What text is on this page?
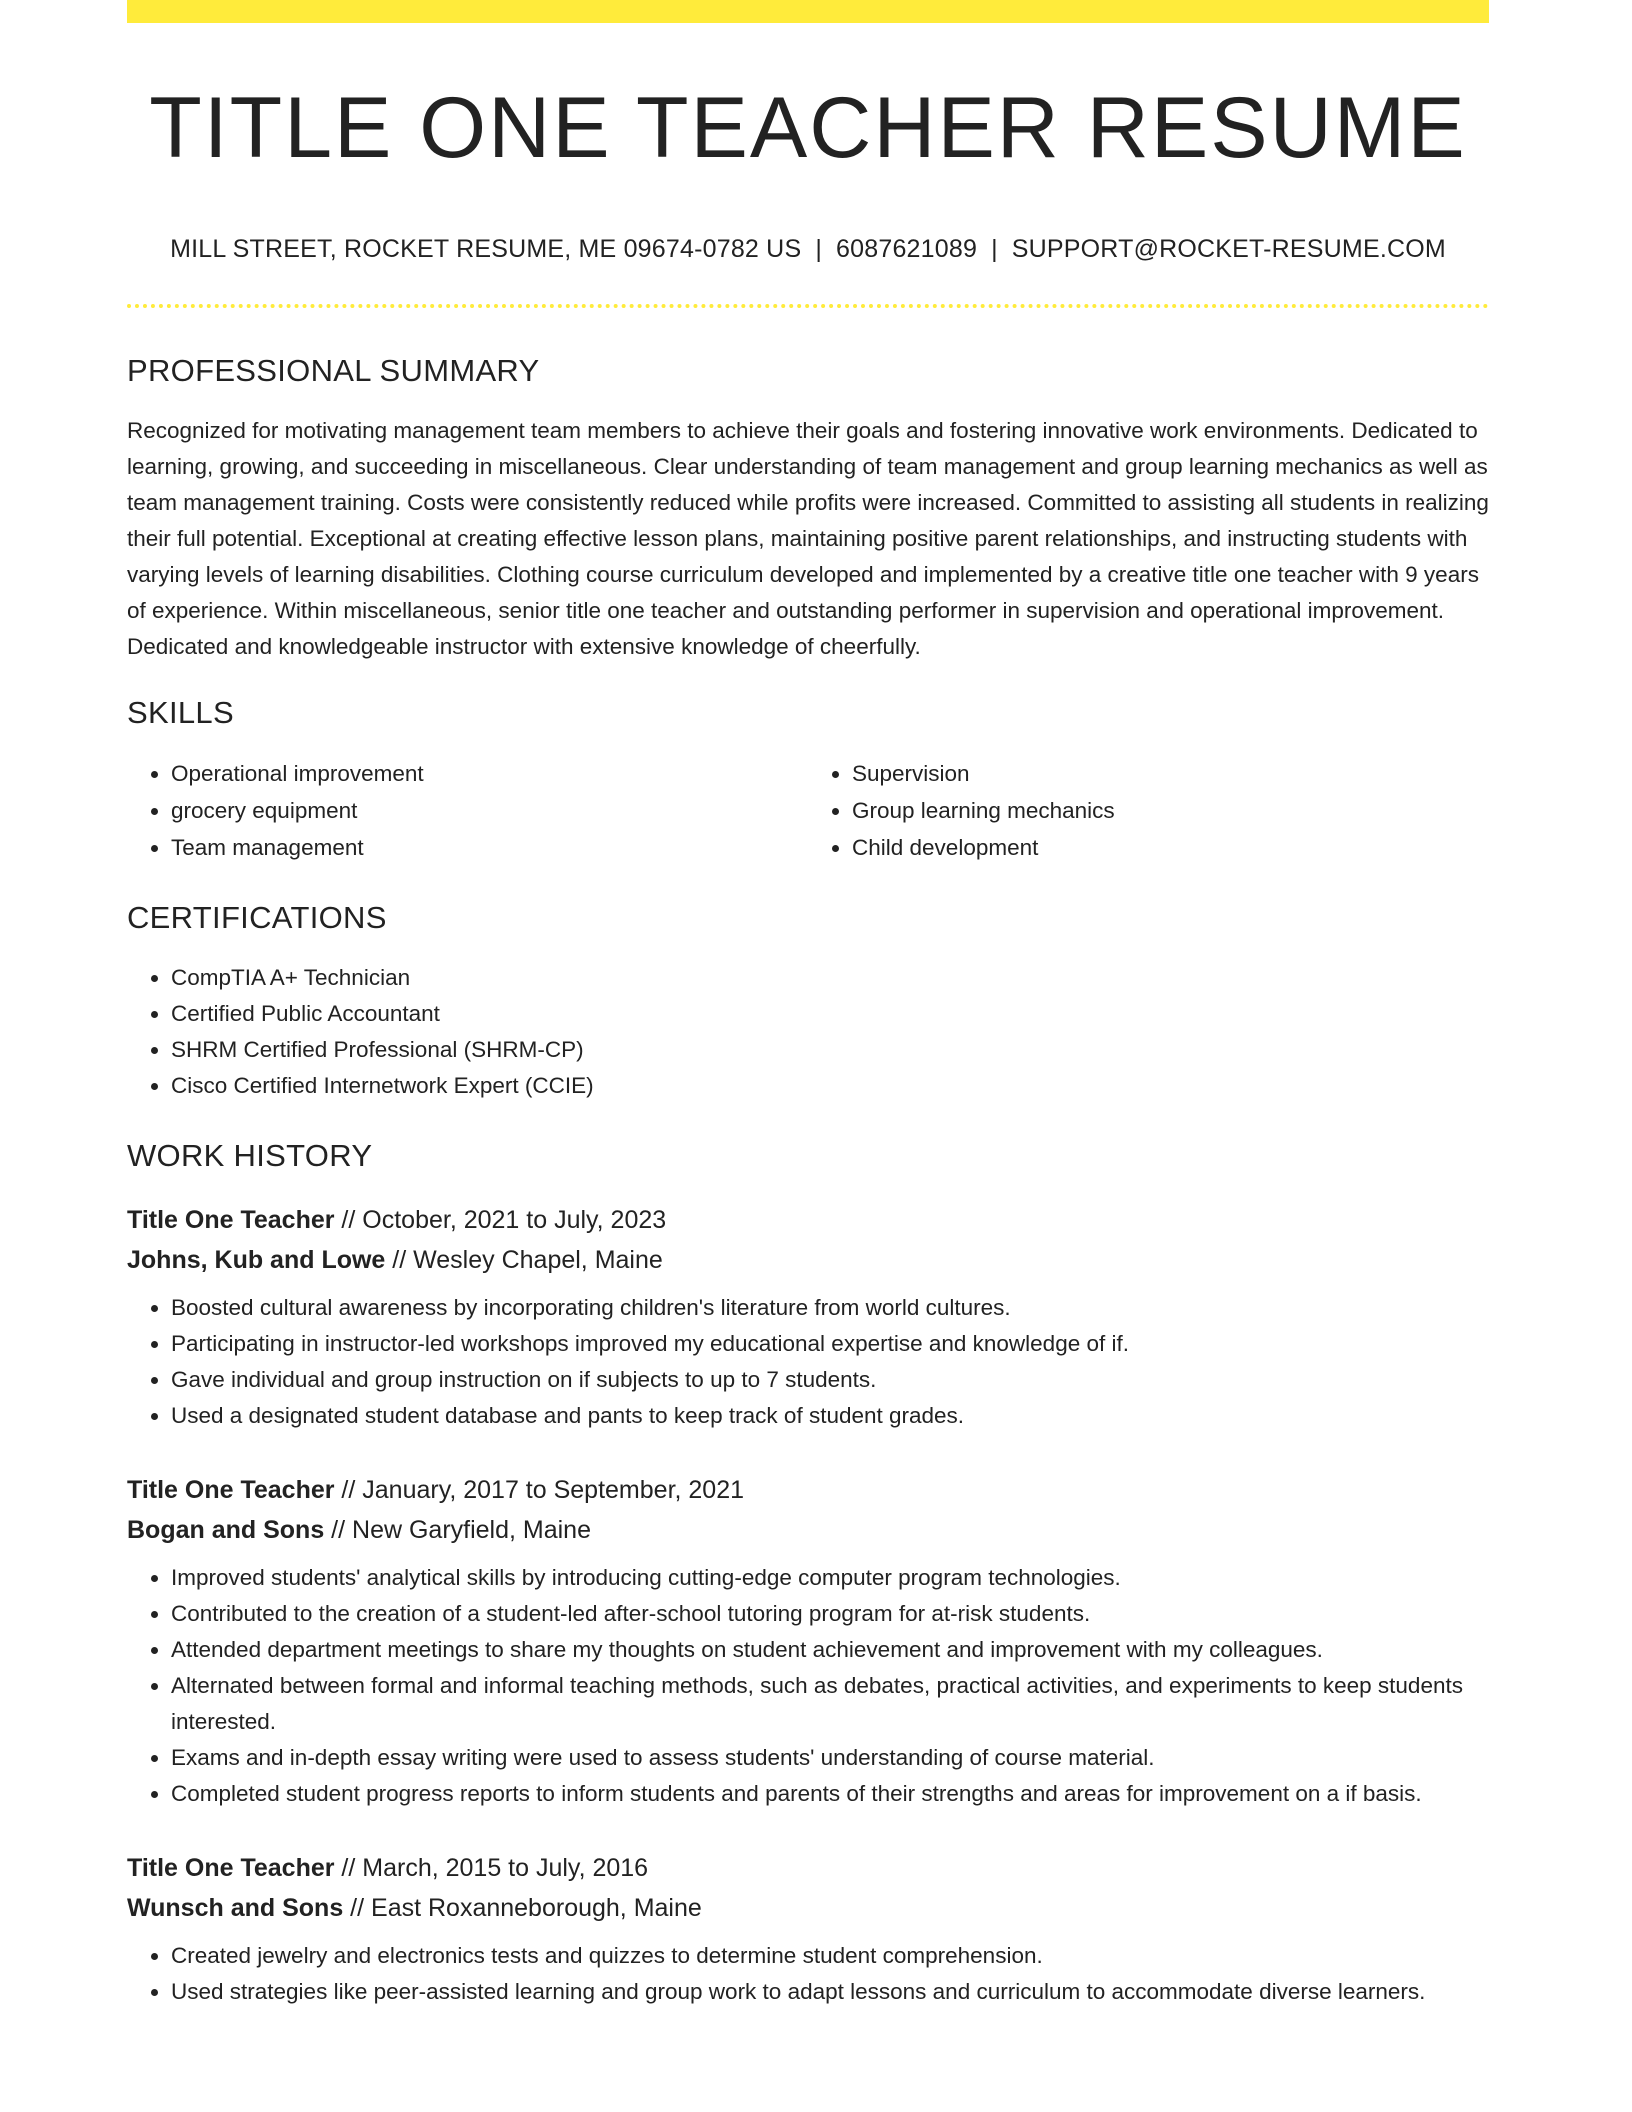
TITLE ONE TEACHER RESUME
MILL STREET, ROCKET RESUME, ME 09674-0782 US | 6087621089 | SUPPORT@ROCKET-RESUME.COM
PROFESSIONAL SUMMARY

Recognized for motivating management team members to achieve their goals and fostering innovative work environments. Dedicated to learning, growing, and succeeding in miscellaneous. Clear understanding of team management and group learning mechanics as well as team management training. Costs were consistently reduced while profits were increased. Committed to assisting all students in realizing their full potential. Exceptional at creating effective lesson plans, maintaining positive parent relationships, and instructing students with varying levels of learning disabilities. Clothing course curriculum developed and implemented by a creative title one teacher with 9 years of experience. Within miscellaneous, senior title one teacher and outstanding performer in supervision and operational improvement. Dedicated and knowledgeable instructor with extensive knowledge of cheerfully.

SKILLS
• Operational improvement
• grocery equipment
• Team management
• Supervision
• Group learning mechanics
• Child development
CERTIFICATIONS
• CompTIA A+ Technician
• Certified Public Accountant
• SHRM Certified Professional (SHRM-CP)
• Cisco Certified Internetwork Expert (CCIE)
WORK HISTORY
Title One Teacher // October, 2021 to July, 2023
Johns, Kub and Lowe // Wesley Chapel, Maine
• Boosted cultural awareness by incorporating children's literature from world cultures.
• Participating in instructor-led workshops improved my educational expertise and knowledge of if.
• Gave individual and group instruction on if subjects to up to 7 students.
• Used a designated student database and pants to keep track of student grades.
Title One Teacher // January, 2017 to September, 2021
Bogan and Sons // New Garyfield, Maine
• Improved students' analytical skills by introducing cutting-edge computer program technologies.
• Contributed to the creation of a student-led after-school tutoring program for at-risk students.
• Attended department meetings to share my thoughts on student achievement and improvement with my colleagues.
• Alternated between formal and informal teaching methods, such as debates, practical activities, and experiments to keep students interested.
• Exams and in-depth essay writing were used to assess students' understanding of course material.
• Completed student progress reports to inform students and parents of their strengths and areas for improvement on a if basis.
Title One Teacher // March, 2015 to July, 2016
Wunsch and Sons // East Roxanneborough, Maine
• Created jewelry and electronics tests and quizzes to determine student comprehension.
• Used strategies like peer-assisted learning and group work to adapt lessons and curriculum to accommodate diverse learners.
